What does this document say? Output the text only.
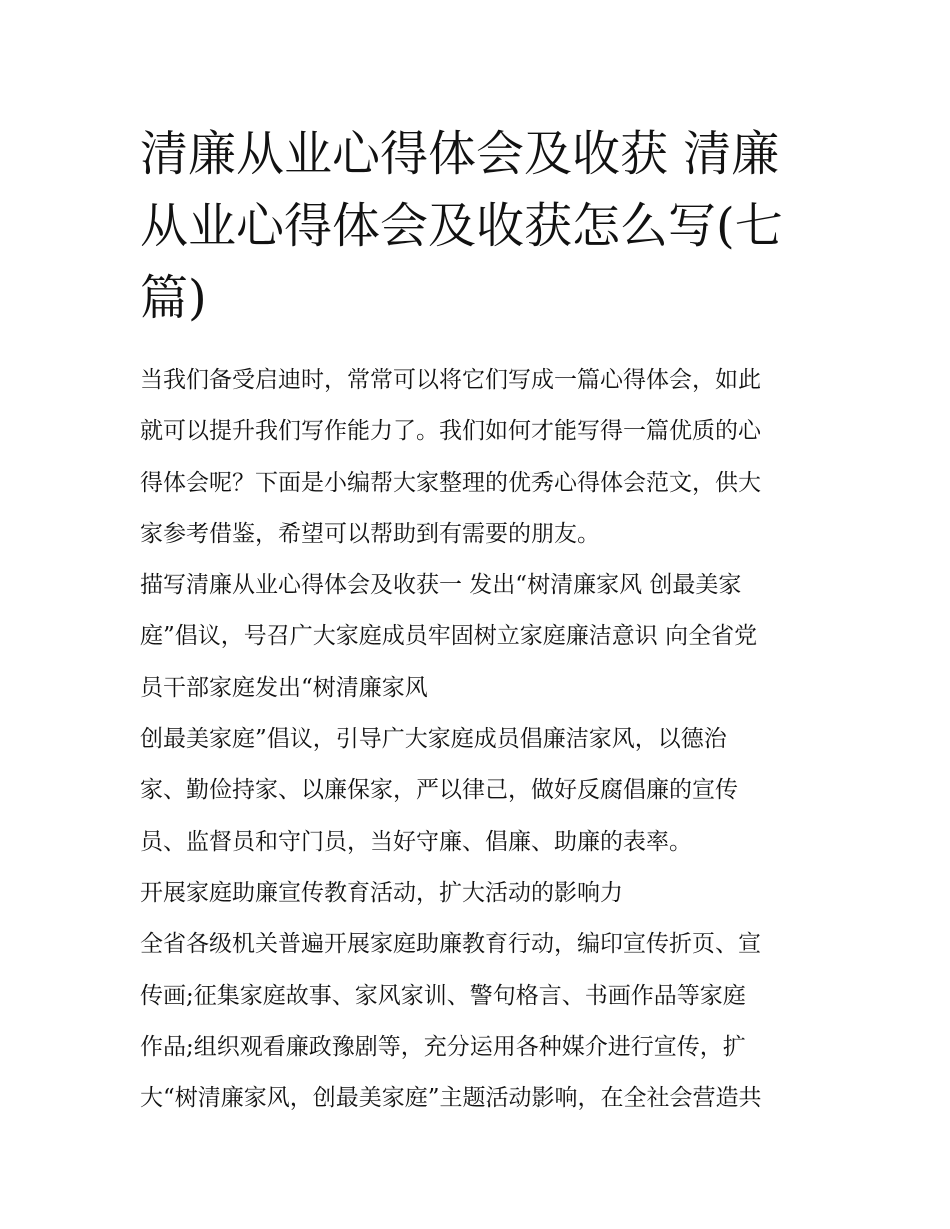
清廉从业心得体会及收获 清廉
从业心得体会及收获怎么写(七
篇)

当我们备受启迪时，常常可以将它们写成一篇心得体会，如此
就可以提升我们写作能力了。我们如何才能写得一篇优质的心
得体会呢？下面是小编帮大家整理的优秀心得体会范文，供大
家参考借鉴，希望可以帮助到有需要的朋友。

描写清廉从业心得体会及收获一 发出“树清廉家风 创最美家
庭”倡议，号召广大家庭成员牢固树立家庭廉洁意识 向全省党
员干部家庭发出“树清廉家风

创最美家庭”倡议，引导广大家庭成员倡廉洁家风，以德治
家、勤俭持家、以廉保家，严以律己，做好反腐倡廉的宣传
员、监督员和守门员，当好守廉、倡廉、助廉的表率。

开展家庭助廉宣传教育活动，扩大活动的影响力

全省各级机关普遍开展家庭助廉教育行动，编印宣传折页、宣
传画;征集家庭故事、家风家训、警句格言、书画作品等家庭
作品;组织观看廉政豫剧等，充分运用各种媒介进行宣传，扩
大“树清廉家风，创最美家庭”主题活动影响，在全社会营造共
